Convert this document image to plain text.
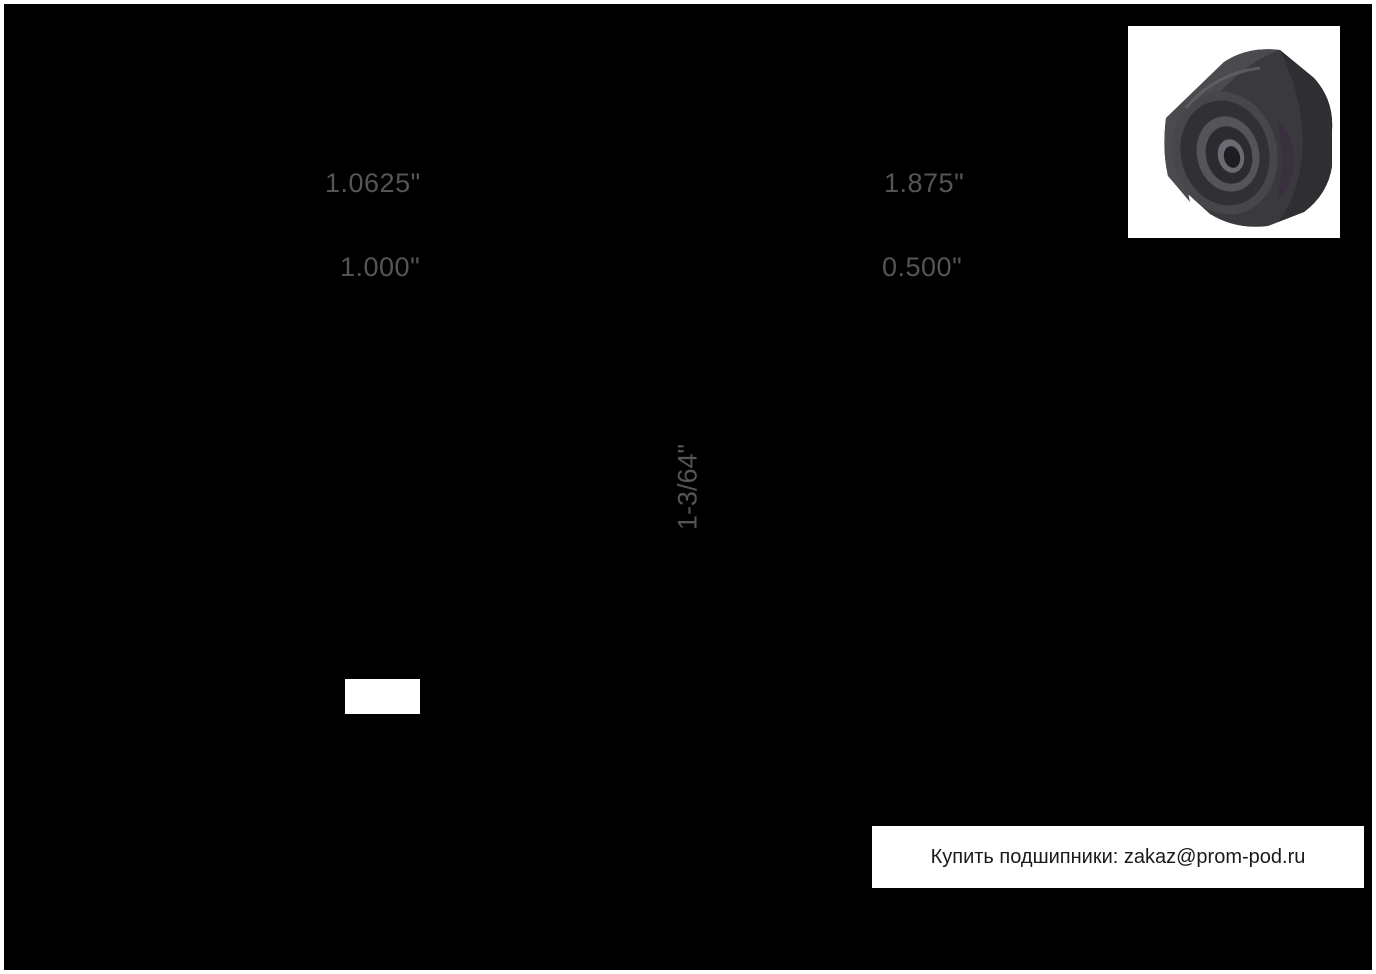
1.0625"
1.000"
1.875"
0.500"
1-3/64"
Купить подшипники: zakaz@prom-pod.ru
